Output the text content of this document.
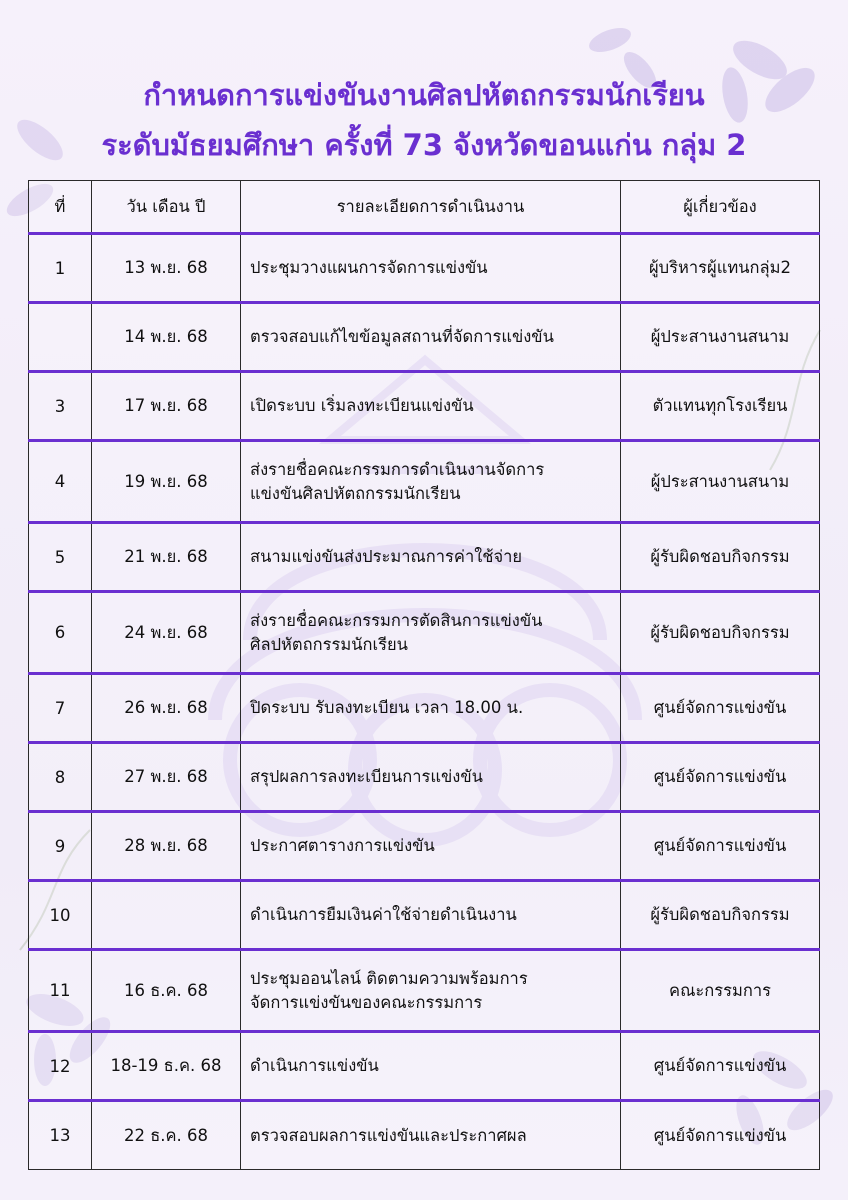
กำหนดการแข่งขันงานศิลปหัตถกรรมนักเรียน
ระดับมัธยมศึกษา ครั้งที่ 73 จังหวัดขอนแก่น กลุ่ม 2
ที่	วัน เดือน ปี	รายละเอียดการดำเนินงาน	ผู้เกี่ยวข้อง
1	13 พ.ย. 68	ประชุมวางแผนการจัดการแข่งขัน	ผู้บริหารผู้แทนกลุ่ม2
	14 พ.ย. 68	ตรวจสอบแก้ไขข้อมูลสถานที่จัดการแข่งขัน	ผู้ประสานงานสนาม
3	17 พ.ย. 68	เปิดระบบ เริ่มลงทะเบียนแข่งขัน	ตัวแทนทุกโรงเรียน
4	19 พ.ย. 68	ส่งรายชื่อคณะกรรมการดำเนินงานจัดการ
แข่งขันศิลปหัตถกรรมนักเรียน	ผู้ประสานงานสนาม
5	21 พ.ย. 68	สนามแข่งขันส่งประมาณการค่าใช้จ่าย	ผู้รับผิดชอบกิจกรรม
6	24 พ.ย. 68	ส่งรายชื่อคณะกรรมการตัดสินการแข่งขัน
ศิลปหัตถกรรมนักเรียน	ผู้รับผิดชอบกิจกรรม
7	26 พ.ย. 68	ปิดระบบ รับลงทะเบียน เวลา 18.00 น.	ศูนย์จัดการแข่งขัน
8	27 พ.ย. 68	สรุปผลการลงทะเบียนการแข่งขัน	ศูนย์จัดการแข่งขัน
9	28 พ.ย. 68	ประกาศตารางการแข่งขัน	ศูนย์จัดการแข่งขัน
10		ดำเนินการยืมเงินค่าใช้จ่ายดำเนินงาน	ผู้รับผิดชอบกิจกรรม
11	16 ธ.ค. 68	ประชุมออนไลน์ ติดตามความพร้อมการ
จัดการแข่งขันของคณะกรรมการ	คณะกรรมการ
12	18-19 ธ.ค. 68	ดำเนินการแข่งขัน	ศูนย์จัดการแข่งขัน
13	22 ธ.ค. 68	ตรวจสอบผลการแข่งขันและประกาศผล	ศูนย์จัดการแข่งขัน
